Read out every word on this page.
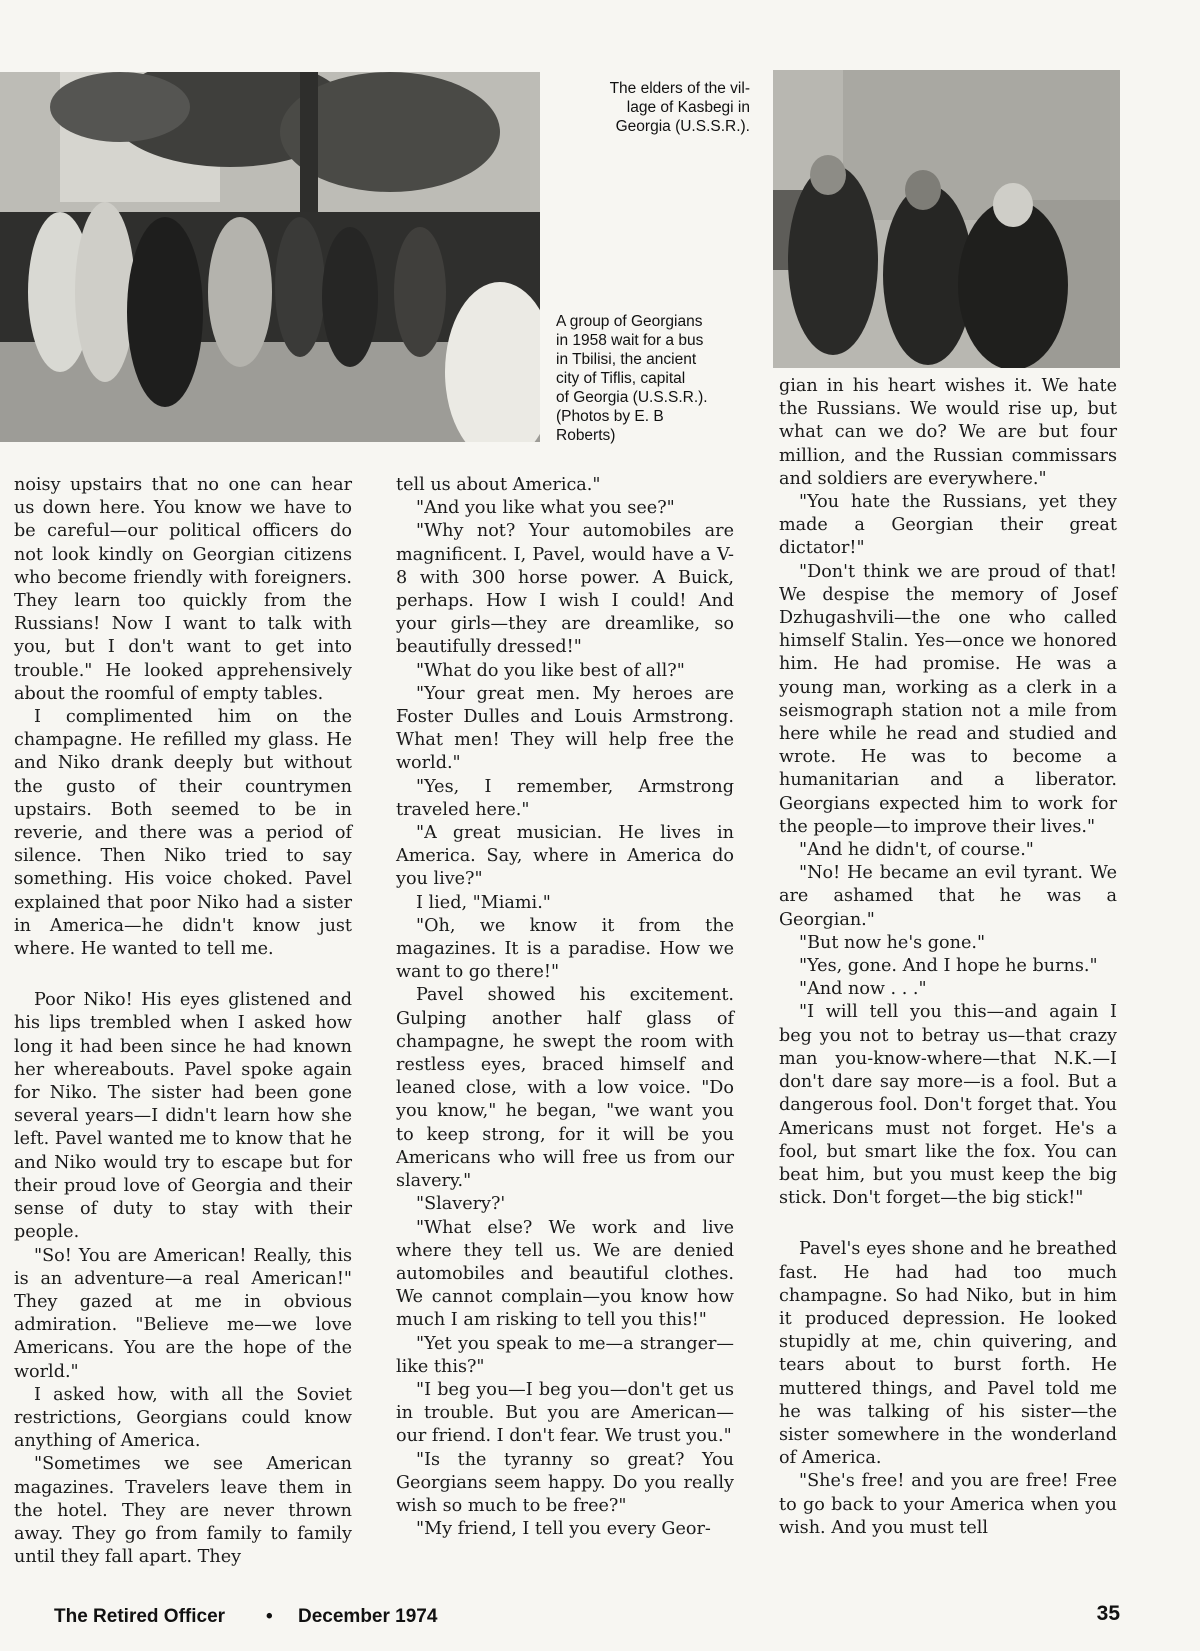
The elders of the vil-
lage of Kasbegi in
Georgia (U.S.S.R.).
A group of Georgians
in 1958 wait for a bus
in Tbilisi, the ancient
city of Tiflis, capital
of Georgia (U.S.S.R.).
(Photos by E. B
Roberts)

noisy upstairs that no one can hear us down here. You know we have to be careful—our political officers do not look kindly on Georgian citizens who become friendly with foreigners. They learn too quickly from the Russians! Now I want to talk with you, but I don't want to get into trouble." He looked apprehensively about the roomful of empty tables.

I complimented him on the champagne. He refilled my glass. He and Niko drank deeply but without the gusto of their countrymen upstairs. Both seemed to be in reverie, and there was a period of silence. Then Niko tried to say something. His voice choked. Pavel explained that poor Niko had a sister in America—he didn't know just where. He wanted to tell me.

Poor Niko! His eyes glistened and his lips trembled when I asked how long it had been since he had known her whereabouts. Pavel spoke again for Niko. The sister had been gone several years—I didn't learn how she left. Pavel wanted me to know that he and Niko would try to escape but for their proud love of Georgia and their sense of duty to stay with their people.

"So! You are American! Really, this is an adventure—a real American!" They gazed at me in obvious admiration. "Believe me—we love Americans. You are the hope of the world."

I asked how, with all the Soviet restrictions, Georgians could know anything of America.

"Sometimes we see American magazines. Travelers leave them in the hotel. They are never thrown away. They go from family to family until they fall apart. They

tell us about America."

"And you like what you see?"

"Why not? Your automobiles are magnificent. I, Pavel, would have a V-8 with 300 horse power. A Buick, perhaps. How I wish I could! And your girls—they are dreamlike, so beautifully dressed!"

"What do you like best of all?"

"Your great men. My heroes are Foster Dulles and Louis Armstrong. What men! They will help free the world."

"Yes, I remember, Armstrong traveled here."

"A great musician. He lives in America. Say, where in America do you live?"

I lied, "Miami."

"Oh, we know it from the magazines. It is a paradise. How we want to go there!"

Pavel showed his excitement. Gulping another half glass of champagne, he swept the room with restless eyes, braced himself and leaned close, with a low voice. "Do you know," he began, "we want you to keep strong, for it will be you Americans who will free us from our slavery."

"Slavery?'

"What else? We work and live where they tell us. We are denied automobiles and beautiful clothes. We cannot complain—you know how much I am risking to tell you this!"

"Yet you speak to me—a stranger—like this?"

"I beg you—I beg you—don't get us in trouble. But you are American—our friend. I don't fear. We trust you."

"Is the tyranny so great? You Georgians seem happy. Do you really wish so much to be free?"

"My friend, I tell you every Geor-

gian in his heart wishes it. We hate the Russians. We would rise up, but what can we do? We are but four million, and the Russian commissars and soldiers are everywhere."

"You hate the Russians, yet they made a Georgian their great dictator!"

"Don't think we are proud of that! We despise the memory of Josef Dzhugashvili—the one who called himself Stalin. Yes—once we honored him. He had promise. He was a young man, working as a clerk in a seismograph station not a mile from here while he read and studied and wrote. He was to become a humanitarian and a liberator. Georgians expected him to work for the people—to improve their lives."

"And he didn't, of course."

"No! He became an evil tyrant. We are ashamed that he was a Georgian."

"But now he's gone."

"Yes, gone. And I hope he burns."

"And now . . ."

"I will tell you this—and again I beg you not to betray us—that crazy man you-know-where—that N.K.—I don't dare say more—is a fool. But a dangerous fool. Don't forget that. You Americans must not forget. He's a fool, but smart like the fox. You can beat him, but you must keep the big stick. Don't forget—the big stick!"

Pavel's eyes shone and he breathed fast. He had had too much champagne. So had Niko, but in him it produced depression. He looked stupidly at me, chin quivering, and tears about to burst forth. He muttered things, and Pavel told me he was talking of his sister—the sister somewhere in the wonderland of America.

"She's free! and you are free! Free to go back to your America when you wish. And you must tell

The Retired Officer • December 1974	35
